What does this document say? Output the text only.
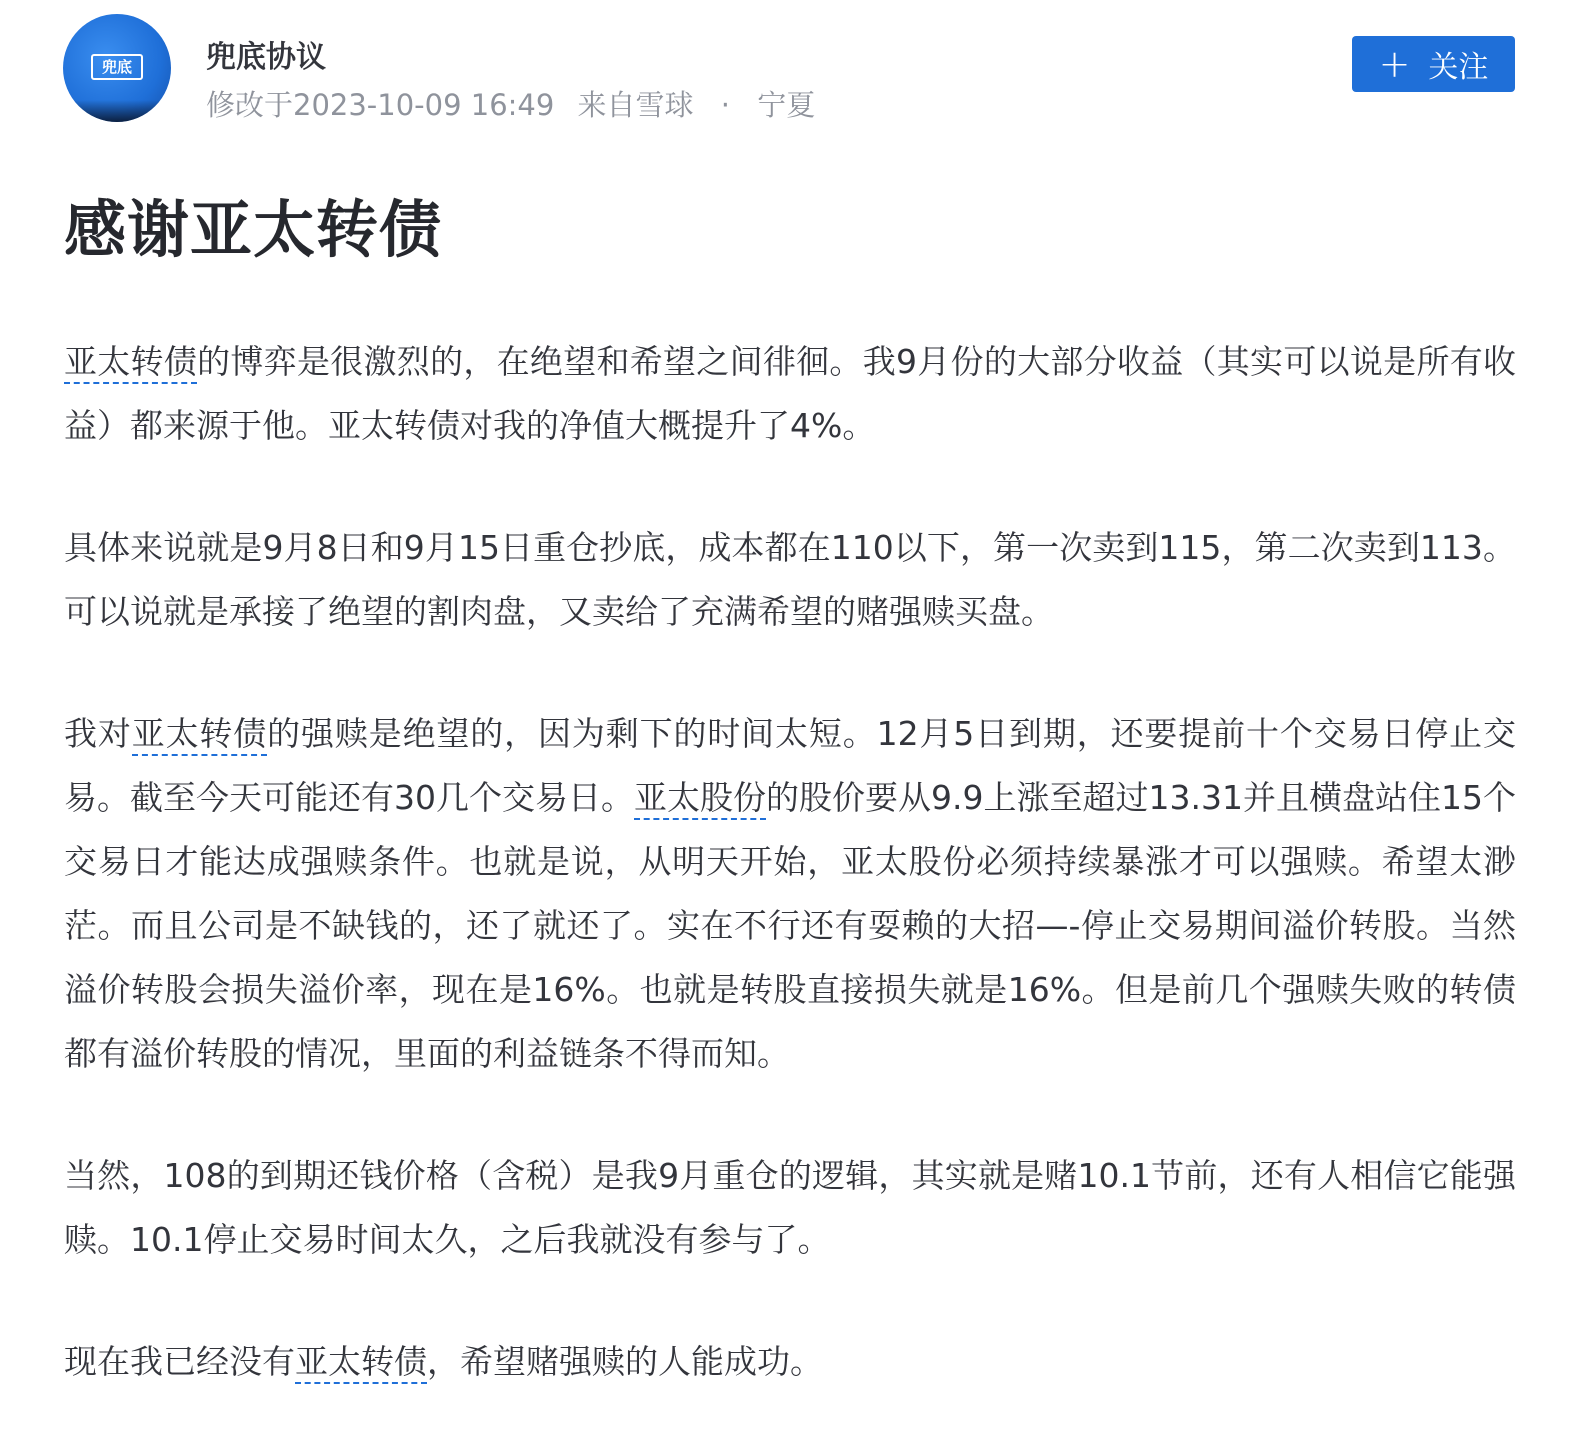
兜底	兜底协议
修改于2023-10-09 16:49 来自雪球 · 宁夏
+ 关注
感谢亚太转债

亚太转债的博弈是很激烈的，在绝望和希望之间徘徊。我9月份的大部分收益（其实可以说是所有收益）都来源于他。亚太转债对我的净值大概提升了4%。

具体来说就是9月8日和9月15日重仓抄底，成本都在110以下，第一次卖到115，第二次卖到113。可以说就是承接了绝望的割肉盘，又卖给了充满希望的赌强赎买盘。

我对亚太转债的强赎是绝望的，因为剩下的时间太短。12月5日到期，还要提前十个交易日停止交易。截至今天可能还有30几个交易日。亚太股份的股价要从9.9上涨至超过13.31并且横盘站住15个交易日才能达成强赎条件。也就是说，从明天开始，亚太股份必须持续暴涨才可以强赎。希望太渺茫。而且公司是不缺钱的，还了就还了。实在不行还有耍赖的大招—-停止交易期间溢价转股。当然溢价转股会损失溢价率，现在是16%。也就是转股直接损失就是16%。但是前几个强赎失败的转债都有溢价转股的情况，里面的利益链条不得而知。

当然，108的到期还钱价格（含税）是我9月重仓的逻辑，其实就是赌10.1节前，还有人相信它能强赎。10.1停止交易时间太久，之后我就没有参与了。

现在我已经没有亚太转债，希望赌强赎的人能成功。
